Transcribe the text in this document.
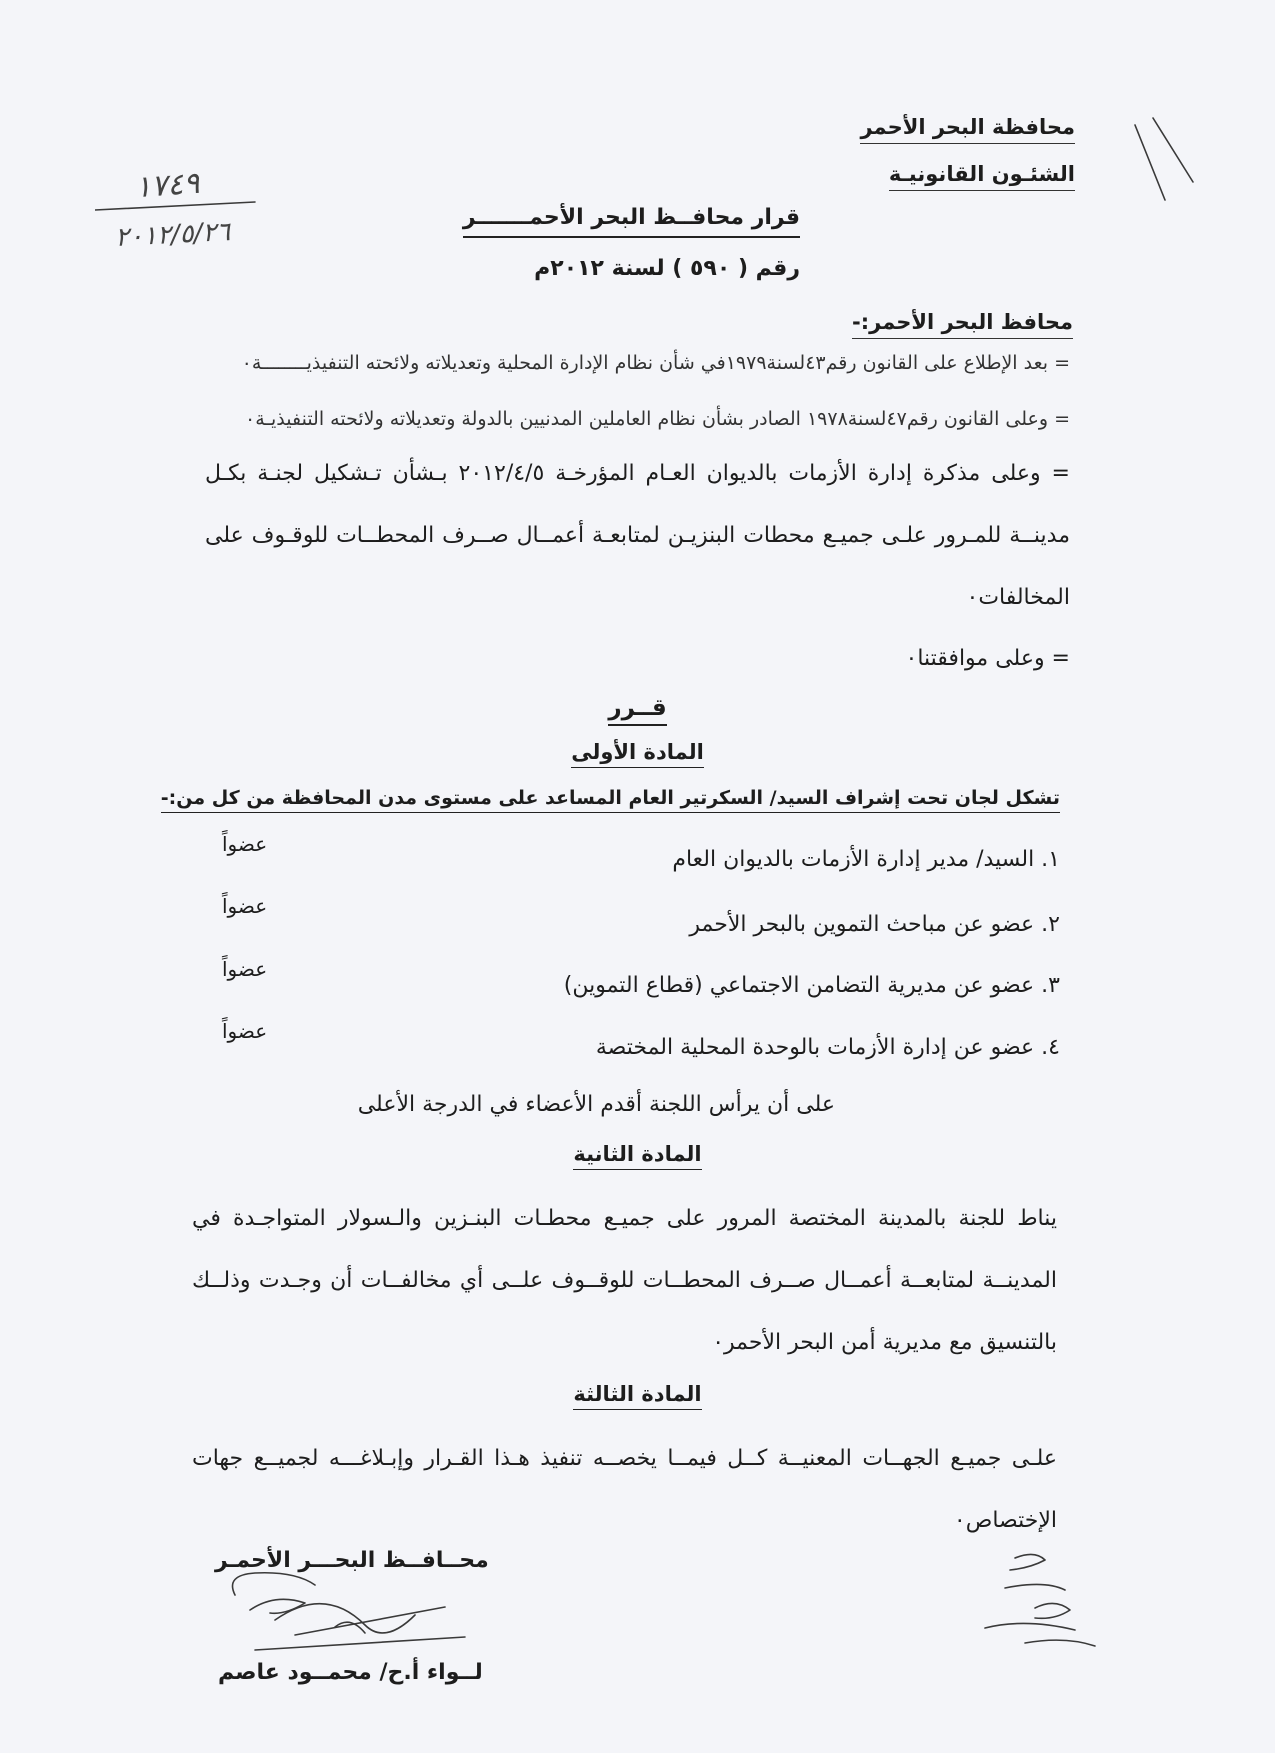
محافظة البحر الأحمر
الشئـون القانونيـة
١٧٤٩
٢٠١٢/٥/٢٦	قرار محافــظ البحر الأحمـــــــر
رقم ( ٥٩٠ ) لسنة ٢٠١٢م
محافظ البحر الأحمر:-
= بعد الإطلاع على القانون رقم٤٣لسنة١٩٧٩في شأن نظام الإدارة المحلية وتعديلاته ولائحته التنفيذيــــــــة٠
= وعلى القانون رقم٤٧لسنة١٩٧٨ الصادر بشأن نظام العاملين المدنيين بالدولة وتعديلاته ولائحته التنفيذيـة٠
= وعلى مذكرة إدارة الأزمات بالديوان العـام المؤرخـة ٢٠١٢/٤/٥ بـشأن تـشكيل لجنـة بكـل مدينــة للمـرور علـى جميـع محطات البنزيـن لمتابعـة أعمــال صــرف المحطــات للوقـوف على المخالفات٠
= وعلى موافقتنا٠
قــرر
المادة الأولى
تشكل لجان تحت إشراف السيد/ السكرتير العام المساعد على مستوى مدن المحافظة من كل من:-
١. السيد/ مدير إدارة الأزمات بالديوان العام
عضواً
٢. عضو عن مباحث التموين بالبحر الأحمر
عضواً
٣. عضو عن مديرية التضامن الاجتماعي (قطاع التموين)
عضواً
٤. عضو عن إدارة الأزمات بالوحدة المحلية المختصة
عضواً
على أن يرأس اللجنة أقدم الأعضاء في الدرجة الأعلى
المادة الثانية
يناط للجنة بالمدينة المختصة المرور على جميـع محطـات البنـزين والـسولار المتواجـدة في المدينــة لمتابعــة أعمــال صــرف المحطــات للوقــوف علــى أي مخالفــات أن وجـدت وذلــك بالتنسيق مع مديرية أمن البحر الأحمر٠
المادة الثالثة
علـى جميـع الجهــات المعنيــة كــل فيمــا يخصــه تنفيذ هـذا القـرار وإبـلاغـــه لجميــع جهات الإختصاص٠
محــافــظ البحـــر الأحمـر
لــواء أ.ح/ محمــود عاصم
